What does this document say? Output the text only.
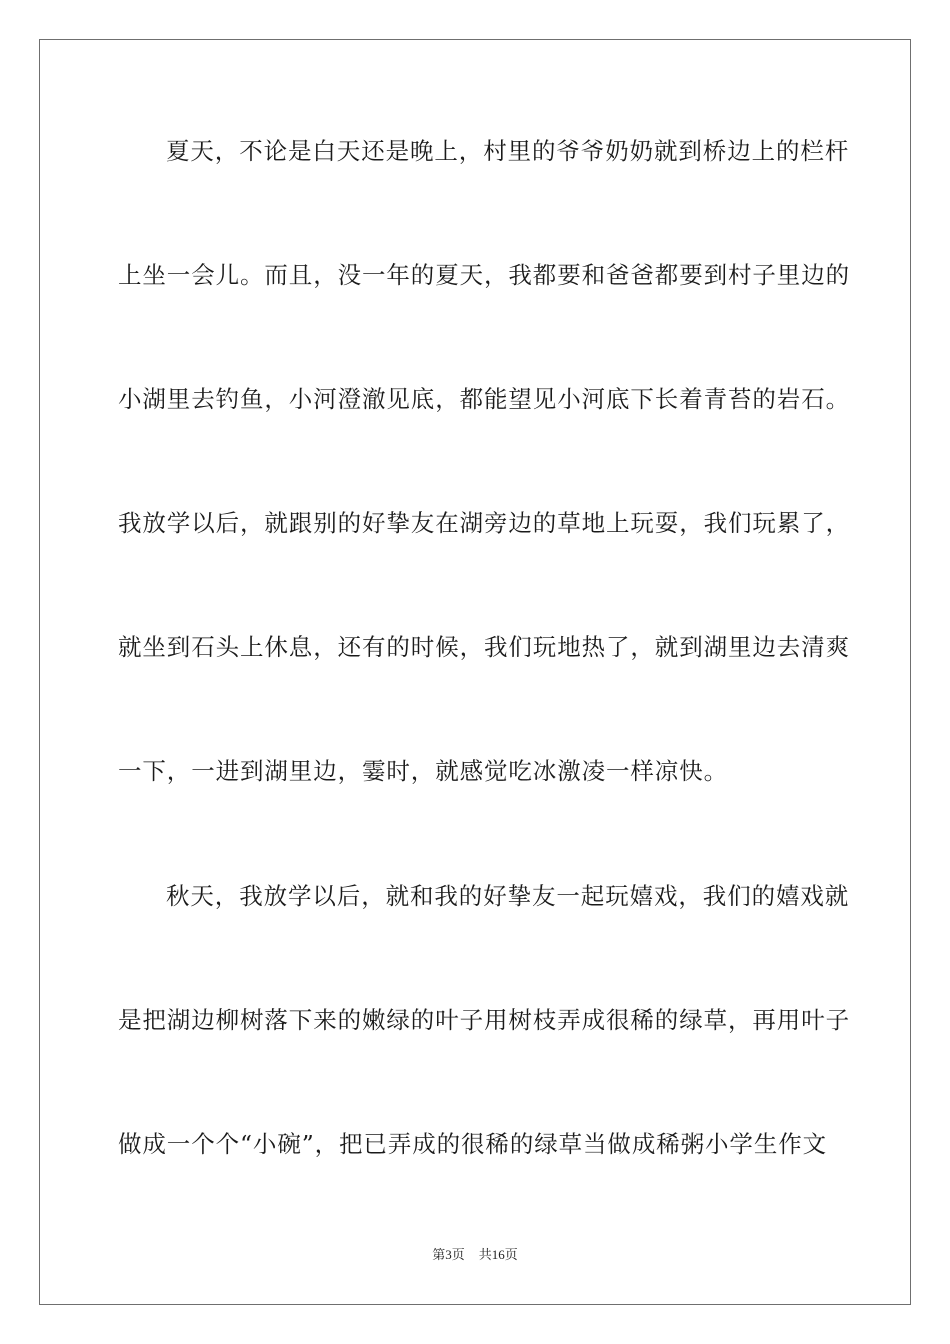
夏天，不论是白天还是晚上，村里的爷爷奶奶就到桥边上的栏杆
上坐一会儿。而且，没一年的夏天，我都要和爸爸都要到村子里边的
小湖里去钓鱼，小河澄澈见底，都能望见小河底下长着青苔的岩石。
我放学以后，就跟别的好挚友在湖旁边的草地上玩耍，我们玩累了，
就坐到石头上休息，还有的时候，我们玩地热了，就到湖里边去清爽
一下，一进到湖里边，霎时，就感觉吃冰激凌一样凉快。
秋天，我放学以后，就和我的好挚友一起玩嬉戏，我们的嬉戏就
是把湖边柳树落下来的嫩绿的叶子用树枝弄成很稀的绿草，再用叶子
做成一个个“小碗”，把已弄成的很稀的绿草当做成稀粥小学生作文
第3页 共16页
